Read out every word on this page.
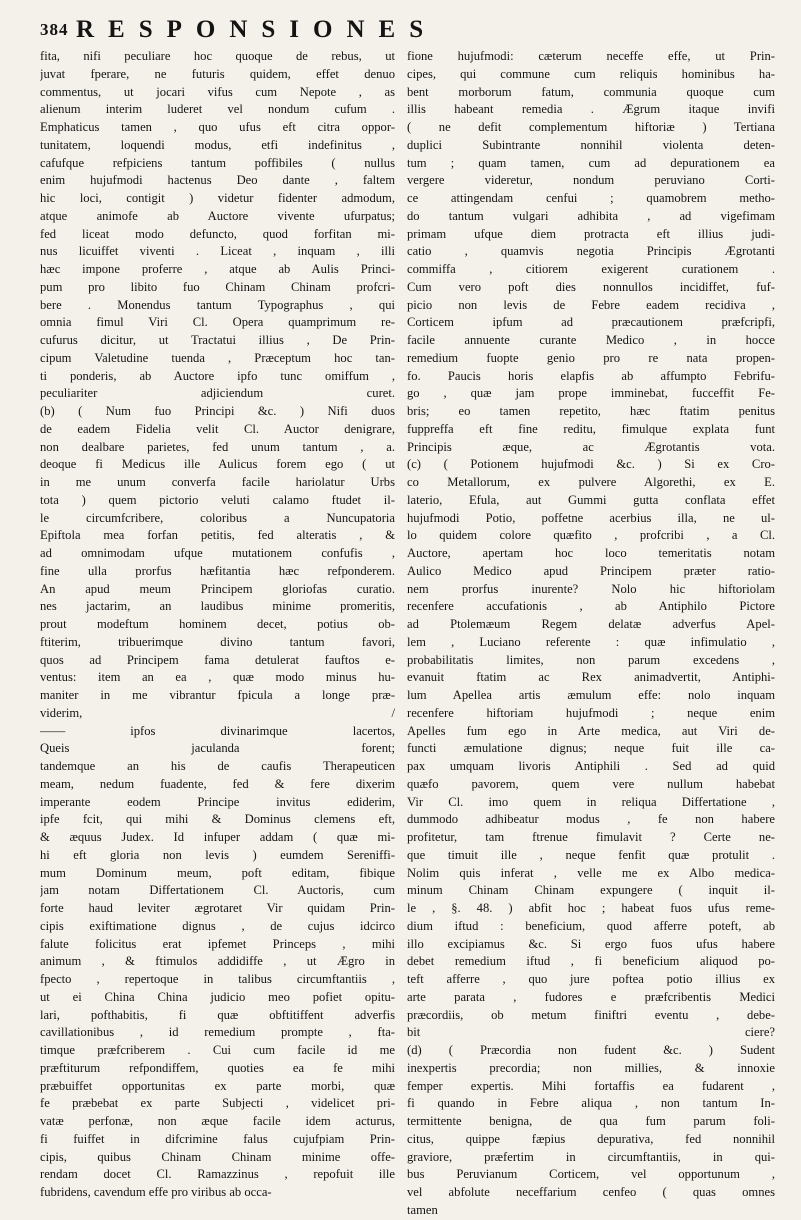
384 RESPONSIONES
fita, nifi peculiare hoc quoque de rebus, ut
juvat fperare, ne futuris quidem, effet denuo
commentus, ut jocari vifus cum Nepote , as
alienum interim luderet vel nondum cufum .
Emphaticus tamen , quo ufus eft citra oppor-
tunitatem, loquendi modus, etfi indefinitus ,
cafufque refpiciens tantum poffibiles ( nullus
enim hujufmodi hactenus Deo dante , faltem
hic loci, contigit ) videtur fidenter admodum,
atque animofe ab Auctore vivente ufurpatus;
fed liceat modo defuncto, quod forfitan mi-
nus licuiffet viventi . Liceat , inquam , illi
hæc impone proferre , atque ab Aulis Princi-
pum pro libito fuo Chinam Chinam profcri-
bere . Monendus tantum Typographus , qui
omnia fimul Viri Cl. Opera quamprimum re-
cufurus dicitur, ut Tractatui illius , De Prin-
cipum Valetudine tuenda , Præceptum hoc tan-
ti ponderis, ab Auctore ipfo tunc omiffum ,
peculiariter adjiciendum curet.
(b) ( Num fuo Principi &c. ) Nifi duos
de eadem Fidelia velit Cl. Auctor denigrare,
non dealbare parietes, fed unum tantum , a.
deoque fi Medicus ille Aulicus forem ego ( ut
in me unum converfa facile hariolatur Urbs
tota ) quem pictorio veluti calamo ftudet il-
le circumfcribere, coloribus a Nuncupatoria
Epiftola mea forfan petitis, fed alteratis , &
ad omnimodam ufque mutationem confufis ,
fine ulla prorfus hæfitantia hæc refponderem.
An apud meum Principem gloriofas curatio.
nes jactarim, an laudibus minime promeritis,
prout modeftum hominem decet, potius ob-
ftiterim, tribuerimque divino tantum favori,
quos ad Principem fama detulerat fauftos e-
ventus: item an ea , quæ modo minus hu-
maniter in me vibrantur fpicula a longe præ-
viderim, /
—— ipfos divinarimque lacertos,
Queis jaculanda forent;
tandemque an his de caufis Therapeuticen
meam, nedum fuadente, fed & fere dixerim
imperante eodem Principe invitus ediderim,
ipfe fcit, qui mihi & Dominus clemens eft,
& æquus Judex. Id infuper addam ( quæ mi-
hi eft gloria non levis ) eumdem Sereniffi-
mum Dominum meum, poft editam, fibique
jam notam Differtationem Cl. Auctoris, cum
forte haud leviter ægrotaret Vir quidam Prin-
cipis exiftimatione dignus , de cujus idcirco
falute folicitus erat ipfemet Princeps , mihi
animum , & ftimulos addidiffe , ut Ægro in
fpecto , repertoque in talibus circumftantiis ,
ut ei China China judicio meo pofiet opitu-
lari, pofthabitis, fi quæ obftitiffent adverfis
cavillationibus , id remedium prompte , fta-
timque præfcriberem . Cui cum facile id me
præftiturum refpondiffem, quoties ea fe mihi
præbuiffet opportunitas ex parte morbi, quæ
fe præbebat ex parte Subjecti , videlicet pri-
vatæ perfonæ, non æque facile idem acturus,
fi fuiffet in difcrimine falus cujufpiam Prin-
cipis, quibus Chinam Chinam minime offe-
rendam docet Cl. Ramazzinus , repofuit ille
fubridens, cavendum effe pro viribus ab occa-
fione hujufmodi: cæterum neceffe effe, ut Prin-
cipes, qui commune cum reliquis hominibus ha-
bent morborum fatum, communia quoque cum
illis habeant remedia . Ægrum itaque invifi
( ne defit complementum hiftoriæ ) Tertiana
duplici Subintrante nonnihil violenta deten-
tum ; quam tamen, cum ad depurationem ea
vergere videretur, nondum peruviano Corti-
ce attingendam cenfui ; quamobrem metho-
do tantum vulgari adhibita , ad vigefimam
primam ufque diem protracta eft illius judi-
catio , quamvis negotia Principis Ægrotanti
commiffa , citiorem exigerent curationem .
Cum vero poft dies nonnullos incidiffet, fuf-
picio non levis de Febre eadem recidiva ,
Corticem ipfum ad præcautionem præfcripfi,
facile annuente curante Medico , in hocce
remedium fuopte genio pro re nata propen-
fo. Paucis horis elapfis ab affumpto Febrifu-
go , quæ jam prope imminebat, fucceffit Fe-
bris; eo tamen repetito, hæc ftatim penitus
fuppreffa eft fine reditu, fimulque explata funt
Principis æque, ac Ægrotantis vota.
(c) ( Potionem hujufmodi &c. ) Si ex Cro-
co Metallorum, ex pulvere Algorethi, ex E.
laterio, Efula, aut Gummi gutta conflata effet
hujufmodi Potio, poffetne acerbius illa, ne ul-
lo quidem colore quæfito , profcribi , a Cl.
Auctore, apertam hoc loco temeritatis notam
Aulico Medico apud Principem præter ratio-
nem prorfus inurente? Nolo hic hiftoriolam
recenfere accufationis , ab Antiphilo Pictore
ad Ptolemæum Regem delatæ adverfus Apel-
lem , Luciano referente : quæ infimulatio ,
probabilitatis limites, non parum excedens ,
evanuit ftatim ac Rex animadvertit, Antiphi-
lum Apellea artis æmulum effe: nolo inquam
recenfere hiftoriam hujufmodi ; neque enim
Apelles fum ego in Arte medica, aut Viri de-
functi æmulatione dignus; neque fuit ille ca-
pax umquam livoris Antiphili . Sed ad quid
quæfo pavorem, quem vere nullum habebat
Vir Cl. imo quem in reliqua Differtatione ,
dummodo adhibeatur modus , fe non habere
profitetur, tam ftrenue fimulavit ? Certe ne-
que timuit ille , neque fenfit quæ protulit .
Nolim quis inferat , velle me ex Albo medica-
minum Chinam Chinam expungere ( inquit il-
le , §. 48. ) abfit hoc ; habeat fuos ufus reme-
dium iftud : beneficium, quod afferre poteft, ab
illo excipiamus &c. Si ergo fuos ufus habere
debet remedium iftud , fi beneficium aliquod po-
teft afferre , quo jure poftea potio illius ex
arte parata , fudores e præfcribentis Medici
præcordiis, ob metum finiftri eventu , debe-
bit ciere?
(d) ( Præcordia non fudent &c. ) Sudent
inexpertis precordia; non millies, & innoxie
femper expertis. Mihi fortaffis ea fudarent ,
fi quando in Febre aliqua , non tantum In-
termittente benigna, de qua fum parum foli-
citus, quippe fæpius depurativa, fed nonnihil
graviore, præfertim in circumftantiis, in qui-
bus Peruvianum Corticem, vel opportunum ,
vel abfolute neceffarium cenfeo ( quas omnes
tamen
